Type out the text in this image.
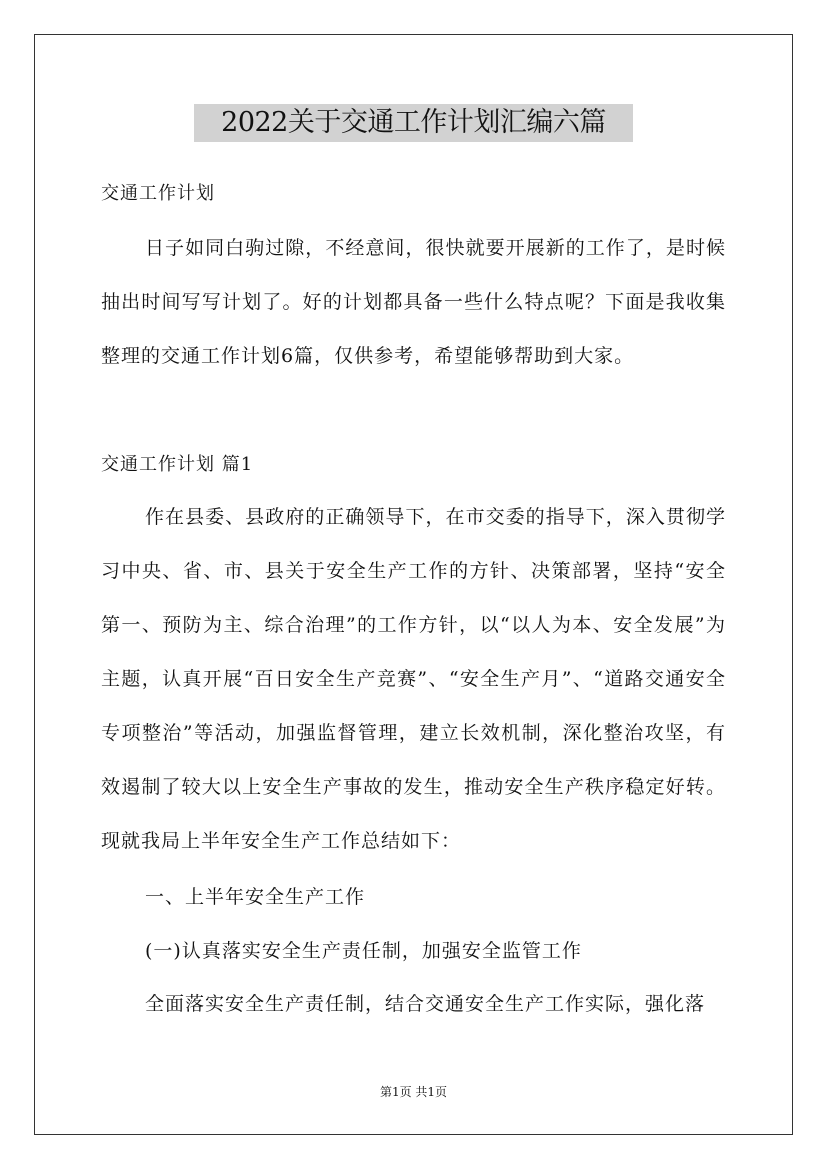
2022关于交通工作计划汇编六篇
交通工作计划

日子如同白驹过隙，不经意间，很快就要开展新的工作了，是时候抽出时间写写计划了。好的计划都具备一些什么特点呢？下面是我收集整理的交通工作计划6篇，仅供参考，希望能够帮助到大家。

交通工作计划 篇1

作在县委、县政府的正确领导下，在市交委的指导下，深入贯彻学习中央、省、市、县关于安全生产工作的方针、决策部署，坚持“安全第一、预防为主、综合治理”的工作方针，以“以人为本、安全发展”为主题，认真开展“百日安全生产竞赛”、“安全生产月”、“道路交通安全专项整治”等活动，加强监督管理，建立长效机制，深化整治攻坚，有效遏制了较大以上安全生产事故的发生，推动安全生产秩序稳定好转。现就我局上半年安全生产工作总结如下：

一、上半年安全生产工作
(一)认真落实安全生产责任制，加强安全监管工作
全面落实安全生产责任制，结合交通安全生产工作实际，强化落
第1页 共1页
